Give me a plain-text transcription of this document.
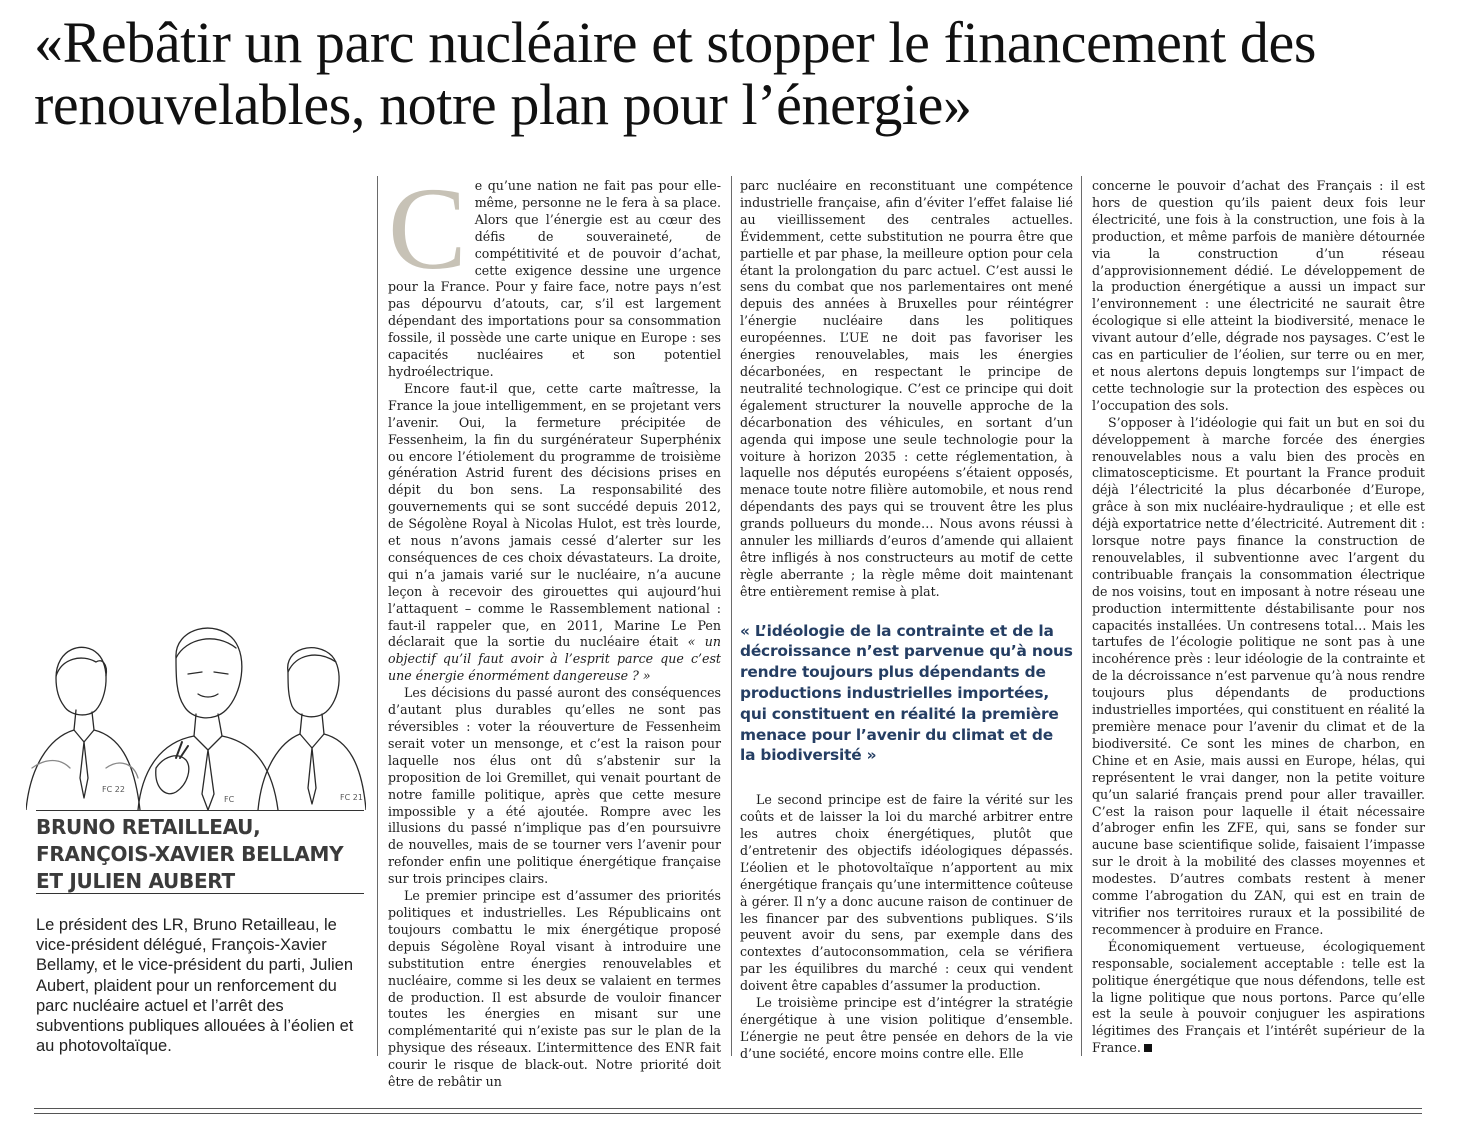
«Rebâtir un parc nucléaire et stopper le financement des renouvelables, notre plan pour l’énergie»
FC 22
FC	FC 21
BRUNO RETAILLEAU,
FRANÇOIS-XAVIER BELLAMY
ET JULIEN AUBERT

Le président des LR, Bruno Retailleau, le vice-président délégué, François-Xavier Bellamy, et le vice-président du parti, Julien Aubert, plaident pour un renforcement du parc nucléaire actuel et l’arrêt des subventions publiques allouées à l’éolien et au photovoltaïque.

Ce qu’une nation ne fait pas pour elle-même, personne ne le fera à sa place. Alors que l’énergie est au cœur des défis de souveraineté, de compétitivité et de pouvoir d’achat, cette exigence dessine une urgence pour la France. Pour y faire face, notre pays n’est pas dépourvu d’atouts, car, s’il est largement dépendant des importations pour sa consommation fossile, il possède une carte unique en Europe : ses capacités nucléaires et son potentiel hydroélectrique.

Encore faut-il que, cette carte maîtresse, la France la joue intelligemment, en se projetant vers l’avenir. Oui, la fermeture précipitée de Fessenheim, la fin du surgénérateur Superphénix ou encore l’étiolement du programme de troisième génération Astrid furent des décisions prises en dépit du bon sens. La responsabilité des gouvernements qui se sont succédé depuis 2012, de Ségolène Royal à Nicolas Hulot, est très lourde, et nous n’avons jamais cessé d’alerter sur les conséquences de ces choix dévastateurs. La droite, qui n’a jamais varié sur le nucléaire, n’a aucune leçon à recevoir des girouettes qui aujourd’hui l’attaquent – comme le Rassemblement national : faut-il rappeler que, en 2011, Marine Le Pen déclarait que la sortie du nucléaire était « un objectif qu’il faut avoir à l’esprit parce que c’est une énergie énormément dangereuse ? »

Les décisions du passé auront des conséquences d’autant plus durables qu’elles ne sont pas réversibles : voter la réouverture de Fessenheim serait voter un mensonge, et c’est la raison pour laquelle nos élus ont dû s’abstenir sur la proposition de loi Gremillet, qui venait pourtant de notre famille politique, après que cette mesure impossible y a été ajoutée. Rompre avec les illusions du passé n’implique pas d’en poursuivre de nouvelles, mais de se tourner vers l’avenir pour refonder enfin une politique énergétique française sur trois principes clairs.

Le premier principe est d’assumer des priorités politiques et industrielles. Les Républicains ont toujours combattu le mix énergétique proposé depuis Ségolène Royal visant à introduire une substitution entre énergies renouvelables et nucléaire, comme si les deux se valaient en termes de production. Il est absurde de vouloir financer toutes les énergies en misant sur une complémentarité qui n’existe pas sur le plan de la physique des réseaux. L’intermittence des ENR fait courir le risque de black-out. Notre priorité doit être de rebâtir un

parc nucléaire en reconstituant une compétence industrielle française, afin d’éviter l’effet falaise lié au vieillissement des centrales actuelles. Évidemment, cette substitution ne pourra être que partielle et par phase, la meilleure option pour cela étant la prolongation du parc actuel. C’est aussi le sens du combat que nos parlementaires ont mené depuis des années à Bruxelles pour réintégrer l’énergie nucléaire dans les politiques européennes. L’UE ne doit pas favoriser les énergies renouvelables, mais les énergies décarbonées, en respectant le principe de neutralité technologique. C’est ce principe qui doit également structurer la nouvelle approche de la décarbonation des véhicules, en sortant d’un agenda qui impose une seule technologie pour la voiture à horizon 2035 : cette réglementation, à laquelle nos députés européens s’étaient opposés, menace toute notre filière automobile, et nous rend dépendants des pays qui se trouvent être les plus grands pollueurs du monde… Nous avons réussi à annuler les milliards d’euros d’amende qui allaient être infligés à nos constructeurs au motif de cette règle aberrante ; la règle même doit maintenant être entièrement remise à plat.

« L’idéologie de la contrainte et de la décroissance n’est parvenue qu’à nous rendre toujours plus dépendants de productions industrielles importées, qui constituent en réalité la première menace pour l’avenir du climat et de la biodiversité »

Le second principe est de faire la vérité sur les coûts et de laisser la loi du marché arbitrer entre les autres choix énergétiques, plutôt que d’entretenir des objectifs idéologiques dépassés. L’éolien et le photovoltaïque n’apportent au mix énergétique français qu’une intermittence coûteuse à gérer. Il n’y a donc aucune raison de continuer de les financer par des subventions publiques. S’ils peuvent avoir du sens, par exemple dans des contextes d’autoconsommation, cela se vérifiera par les équilibres du marché : ceux qui vendent doivent être capables d’assumer la production.

Le troisième principe est d’intégrer la stratégie énergétique à une vision politique d’ensemble. L’énergie ne peut être pensée en dehors de la vie d’une société, encore moins contre elle. Elle

concerne le pouvoir d’achat des Français : il est hors de question qu’ils paient deux fois leur électricité, une fois à la construction, une fois à la production, et même parfois de manière détournée via la construction d’un réseau d’approvisionnement dédié. Le développement de la production énergétique a aussi un impact sur l’environnement : une électricité ne saurait être écologique si elle atteint la biodiversité, menace le vivant autour d’elle, dégrade nos paysages. C’est le cas en particulier de l’éolien, sur terre ou en mer, et nous alertons depuis longtemps sur l’impact de cette technologie sur la protection des espèces ou l’occupation des sols.

S’opposer à l’idéologie qui fait un but en soi du développement à marche forcée des énergies renouvelables nous a valu bien des procès en climatoscepticisme. Et pourtant la France produit déjà l’électricité la plus décarbonée d’Europe, grâce à son mix nucléaire-hydraulique ; et elle est déjà exportatrice nette d’électricité. Autrement dit : lorsque notre pays finance la construction de renouvelables, il subventionne avec l’argent du contribuable français la consommation électrique de nos voisins, tout en imposant à notre réseau une production intermittente déstabilisante pour nos capacités installées. Un contresens total… Mais les tartufes de l’écologie politique ne sont pas à une incohérence près : leur idéologie de la contrainte et de la décroissance n’est parvenue qu’à nous rendre toujours plus dépendants de productions industrielles importées, qui constituent en réalité la première menace pour l’avenir du climat et de la biodiversité. Ce sont les mines de charbon, en Chine et en Asie, mais aussi en Europe, hélas, qui représentent le vrai danger, non la petite voiture qu’un salarié français prend pour aller travailler. C’est la raison pour laquelle il était nécessaire d’abroger enfin les ZFE, qui, sans se fonder sur aucune base scientifique solide, faisaient l’impasse sur le droit à la mobilité des classes moyennes et modestes. D’autres combats restent à mener comme l’abrogation du ZAN, qui est en train de vitrifier nos territoires ruraux et la possibilité de recommencer à produire en France.

Économiquement vertueuse, écologiquement responsable, socialement acceptable : telle est la politique énergétique que nous défendons, telle est la ligne politique que nous portons. Parce qu’elle est la seule à pouvoir conjuguer les aspirations légitimes des Français et l’intérêt supérieur de la France.
